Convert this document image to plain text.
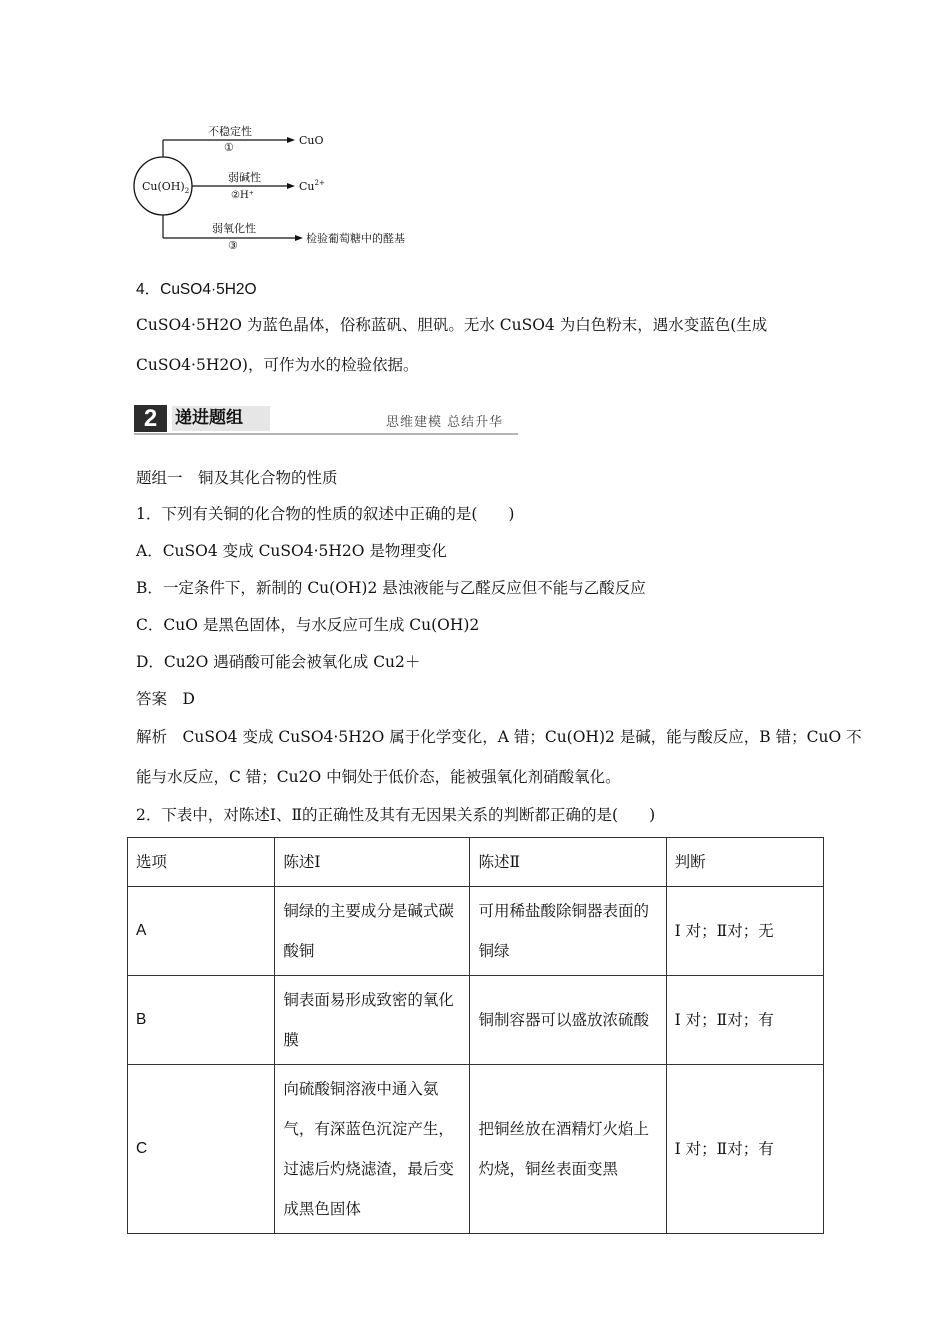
$Cu(OH)_2$
不稳定性
①
CuO
弱碱性
②H⁺
$Cu^{2+}$
弱氧化性
③
检验葡萄糖中的醛基
4．CuSO4·5H2O
CuSO4·5H2O 为蓝色晶体，俗称蓝矾、胆矾。无水 CuSO4 为白色粉末，遇水变蓝色(生成
CuSO4·5H2O)，可作为水的检验依据。
2	递进题组	思维建模 总结升华
题组一　铜及其化合物的性质
1．下列有关铜的化合物的性质的叙述中正确的是(　　)
A．CuSO4 变成 CuSO4·5H2O 是物理变化
B．一定条件下，新制的 Cu(OH)2 悬浊液能与乙醛反应但不能与乙酸反应
C．CuO 是黑色固体，与水反应可生成 Cu(OH)2
D．Cu2O 遇硝酸可能会被氧化成 Cu2＋
答案　D
解析　CuSO4 变成 CuSO4·5H2O 属于化学变化，A 错；Cu(OH)2 是碱，能与酸反应，B 错；CuO 不
能与水反应，C 错；Cu2O 中铜处于低价态，能被强氧化剂硝酸氧化。
2．下表中，对陈述Ⅰ、Ⅱ的正确性及其有无因果关系的判断都正确的是(　　)
选项	陈述Ⅰ	陈述Ⅱ	判断
A	铜绿的主要成分是碱式碳酸铜	可用稀盐酸除铜器表面的铜绿	Ⅰ 对；Ⅱ对；无
B	铜表面易形成致密的氧化膜	铜制容器可以盛放浓硫酸	Ⅰ 对；Ⅱ对；有
C	向硫酸铜溶液中通入氨气，有深蓝色沉淀产生，过滤后灼烧滤渣，最后变成黑色固体	把铜丝放在酒精灯火焰上灼烧，铜丝表面变黑	Ⅰ 对；Ⅱ对；有
